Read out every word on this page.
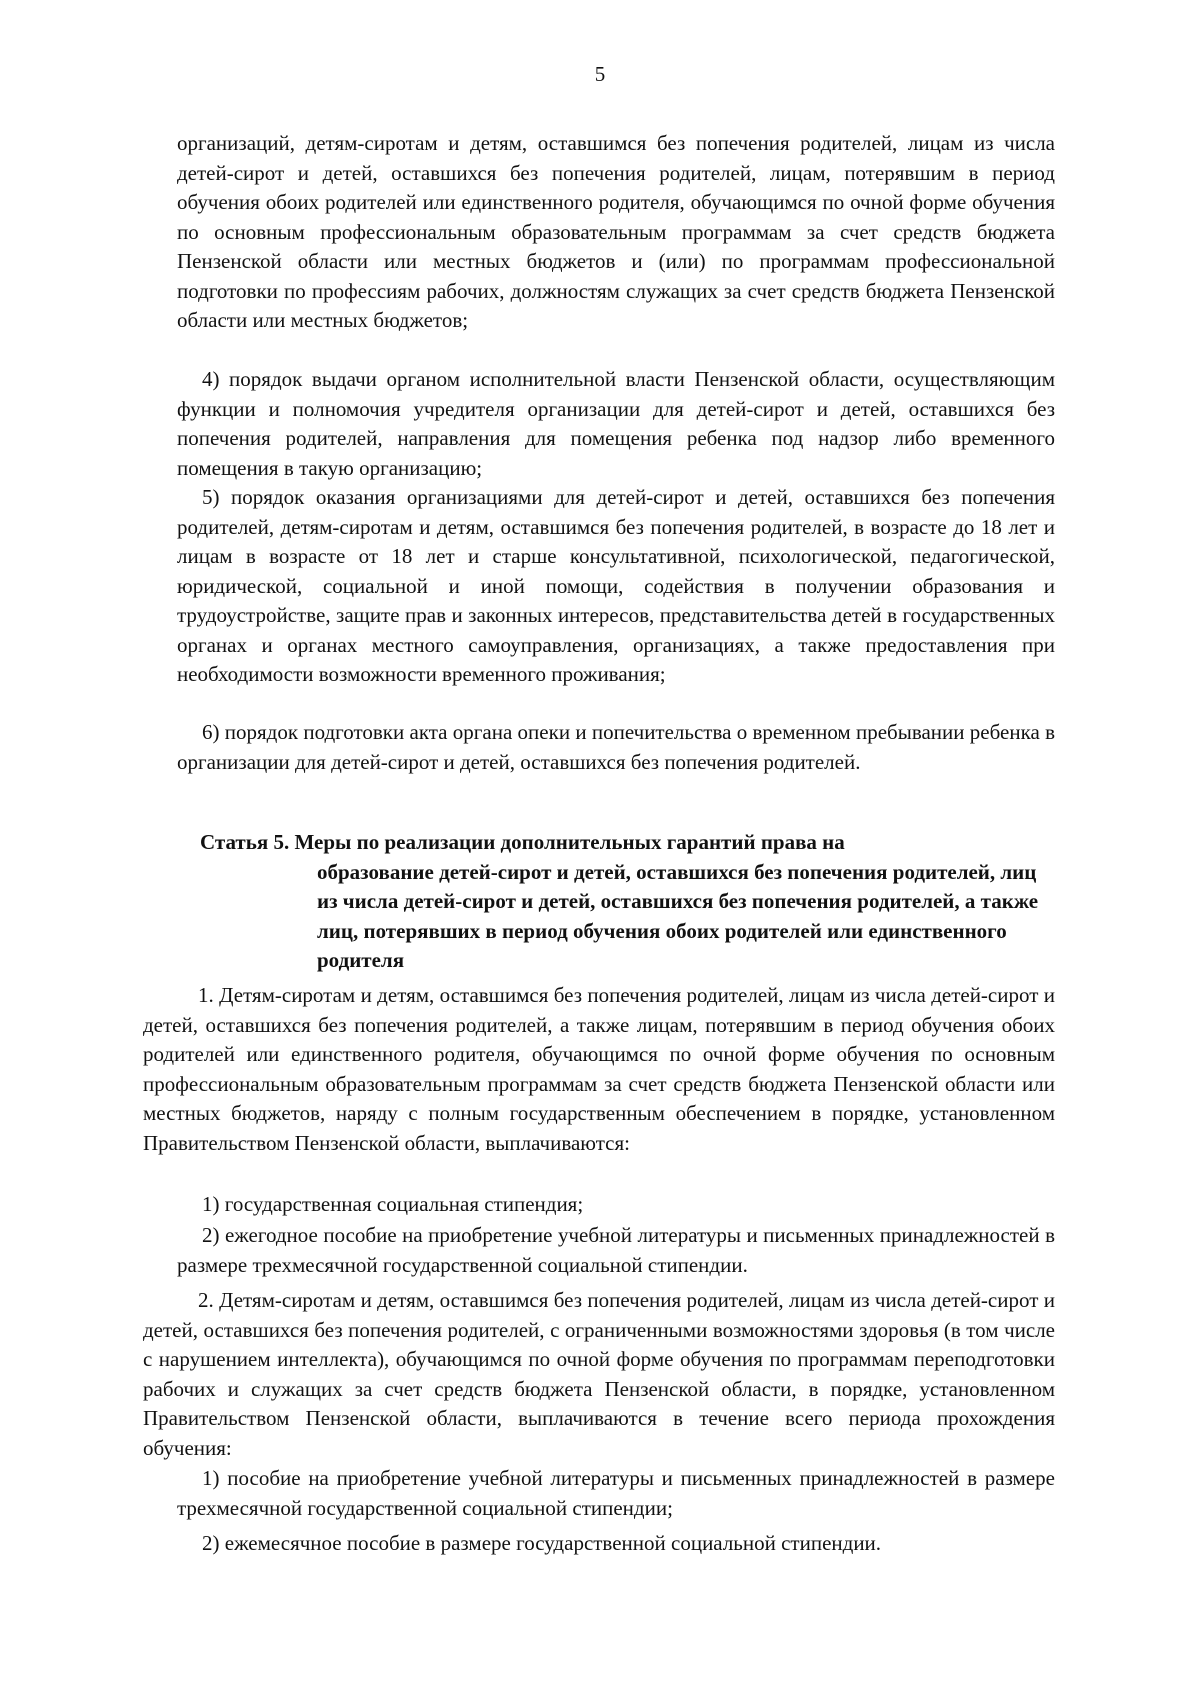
5

организаций, детям-сиротам и детям, оставшимся без попечения родителей, лицам из числа детей-сирот и детей, оставшихся без попечения родителей, лицам, потерявшим в период обучения обоих родителей или единственного родителя, обучающимся по очной форме обучения по основным профессиональным образовательным программам за счет средств бюджета Пензенской области или местных бюджетов и (или) по программам профессиональной подготовки по профессиям рабочих, должностям служащих за счет средств бюджета Пензенской области или местных бюджетов;

4) порядок выдачи органом исполнительной власти Пензенской области, осуществляющим функции и полномочия учредителя организации для детей-сирот и детей, оставшихся без попечения родителей, направления для помещения ребенка под надзор либо временного помещения в такую организацию;

5) порядок оказания организациями для детей-сирот и детей, оставшихся без попечения родителей, детям-сиротам и детям, оставшимся без попечения родителей, в возрасте до 18 лет и лицам в возрасте от 18 лет и старше консультативной, психологической, педагогической, юридической, социальной и иной помощи, содействия в получении образования и трудоустройстве, защите прав и законных интересов, представительства детей в государственных органах и органах местного самоуправления, организациях, а также предоставления при необходимости возможности временного проживания;

6) порядок подготовки акта органа опеки и попечительства о временном пребывании ребенка в организации для детей-сирот и детей, оставшихся без попечения родителей.

Статья 5. Меры по реализации дополнительных гарантий права на
образование детей-сирот и детей, оставшихся без попечения родителей, лиц из числа детей-сирот и детей, оставшихся без попечения родителей, а также лиц, потерявших в период обучения обоих родителей или единственного родителя

1. Детям-сиротам и детям, оставшимся без попечения родителей, лицам из числа детей-сирот и детей, оставшихся без попечения родителей, а также лицам, потерявшим в период обучения обоих родителей или единственного родителя, обучающимся по очной форме обучения по основным профессиональным образовательным программам за счет средств бюджета Пензенской области или местных бюджетов, наряду с полным государственным обеспечением в порядке, установленном Правительством Пензенской области, выплачиваются:

1) государственная социальная стипендия;

2) ежегодное пособие на приобретение учебной литературы и письменных принадлежностей в размере трехмесячной государственной социальной стипендии.

2. Детям-сиротам и детям, оставшимся без попечения родителей, лицам из числа детей-сирот и детей, оставшихся без попечения родителей, с ограниченными возможностями здоровья (в том числе с нарушением интеллекта), обучающимся по очной форме обучения по программам переподготовки рабочих и служащих за счет средств бюджета Пензенской области, в порядке, установленном Правительством Пензенской области, выплачиваются в течение всего периода прохождения обучения:

1) пособие на приобретение учебной литературы и письменных принадлежностей в размере трехмесячной государственной социальной стипендии;

2) ежемесячное пособие в размере государственной социальной стипендии.
